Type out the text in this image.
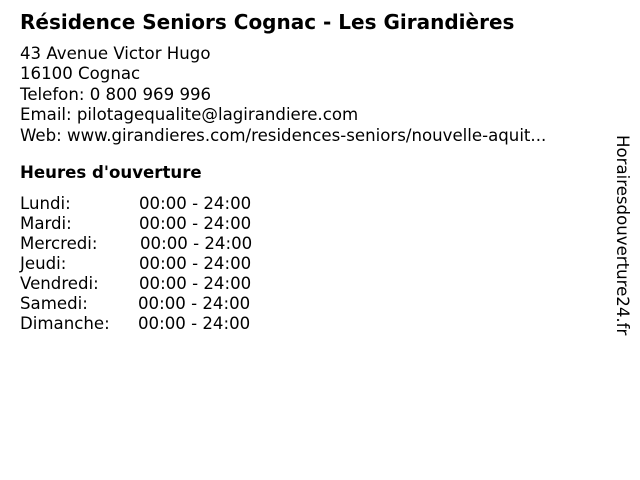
Résidence Seniors Cognac - Les Girandières
43 Avenue Victor Hugo
16100 Cognac
Telefon: 0 800 969 996
Email: pilotagequalite@lagirandiere.com
Web: www.girandieres.com/residences-seniors/nouvelle-aquit...
Heures d'ouverture
Lundi:	00:00 - 24:00
Mardi:	00:00 - 24:00
Mercredi:	00:00 - 24:00
Jeudi:	00:00 - 24:00
Vendredi: 00:00 - 24:00
Samedi:	00:00 - 24:00
Dimanche: 00:00 - 24:00	Horairesdouverture24.fr
